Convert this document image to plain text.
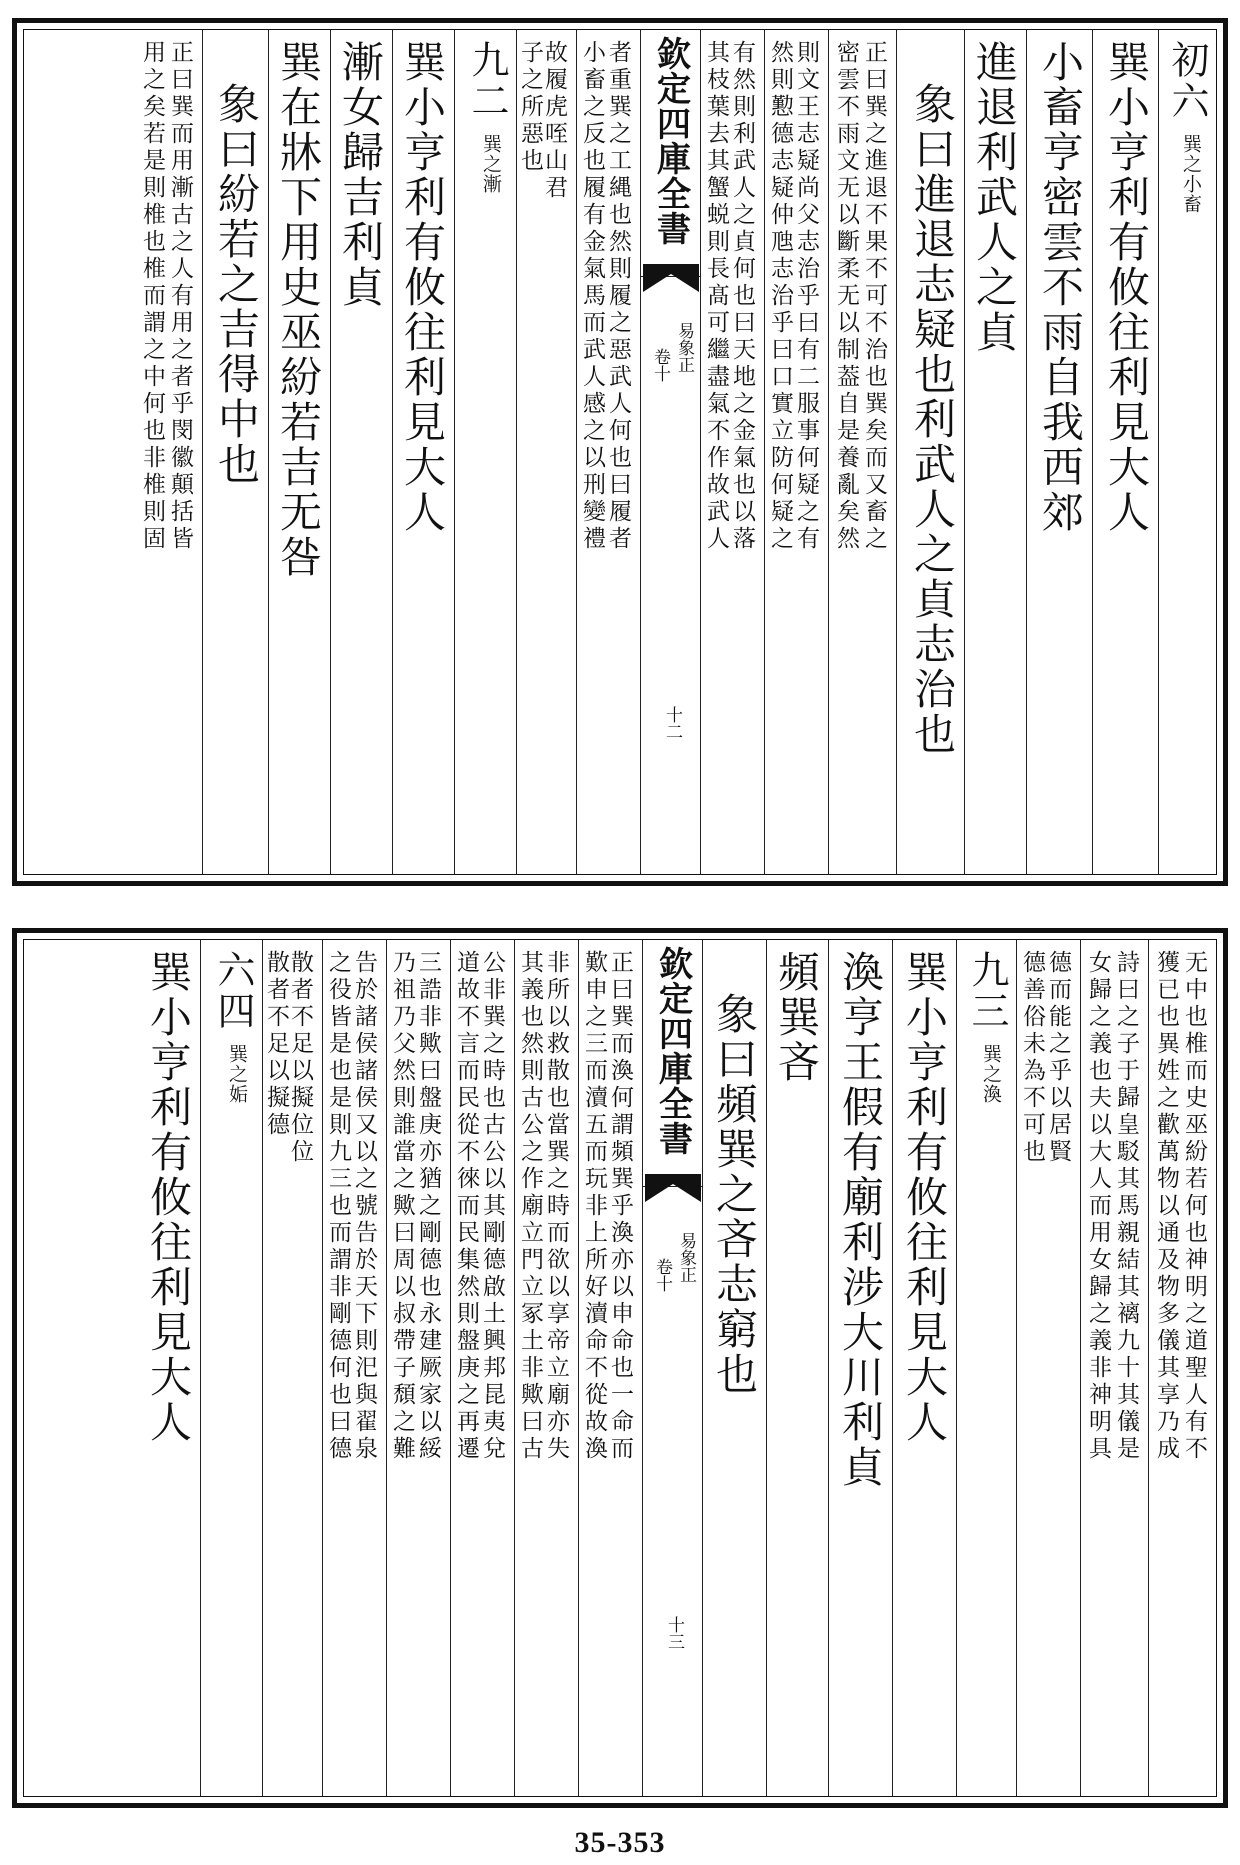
初六
巽之小畜
巽小亨利有攸往利見大人
小畜亨密雲不雨自我西郊
進退利武人之貞
象曰進退志疑也利武人之貞志治也
正曰巽之進退不果不可不治也巽矣而又畜之
密雲不雨文无以斷柔无以制葢自是養亂矣然
則文王志疑尚父志治乎曰有二服事何疑之有
然則懃德志疑仲虺志治乎曰口實立防何疑之
有然則利武人之貞何也曰天地之金氣也以落
其枝葉去其蟹蜕則長髙可繼盡氣不作故武人
欽定四庫全書
易象正
卷十
十二
者重巽之工縄也然則履之惡武人何也曰履者
小畜之反也履有金氣馬而武人感之以刑變禮
故履虎咥山君
子之所惡也
九二
巽之漸
巽小亨利有攸往利見大人
漸女歸吉利貞
巽在牀下用史巫紛若吉无咎
象曰紛若之吉得中也
正曰巽而用漸古之人有用之者乎閔徽顛括皆
用之矣若是則椎也椎而謂之中何也非椎則固
无中也椎而史巫紛若何也神明之道聖人有不
獲已也異姓之歡萬物以通及物多儀其享乃成
詩曰之子于歸皇駁其馬親結其褵九十其儀是
女歸之義也夫以大人而用女歸之義非神明具
德而能之乎以居賢
德善俗未為不可也
九三
巽之渙
巽小亨利有攸往利見大人
渙亨王假有廟利涉大川利貞
頻巽吝
象曰頻巽之吝志窮也
欽定四庫全書
易象正
卷十
十三
正曰巽而渙何謂頻巽乎渙亦以申命也一命而
歎申之三而瀆五而玩非上所好瀆命不從故渙
非所以救散也當巽之時而欲以享帝立廟亦失
其義也然則古公之作廟立門立冢土非歟曰古
公非巽之時也古公以其剛德啟土興邦昆夷兌
道故不言而民從不徠而民集然則盤庚之再遷
三誥非歟曰盤庚亦猶之剛德也永建厥家以綏
乃祖乃父然則誰當之歟曰周以叔帶子頹之難
告於諸侯諸侯又以之號告於天下則汜與翟泉
之役皆是也是則九三也而謂非剛德何也曰德
散者不足以擬位位
散者不足以擬德
六四
巽之姤
巽小亨利有攸往利見大人
35-353
